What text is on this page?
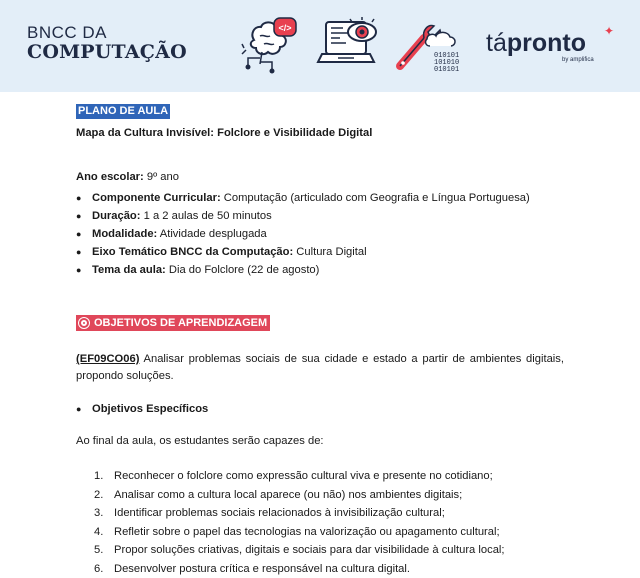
BNCC DA
COMPUTAÇÃO
</>
010101
101010
010101
tápronto
by amplifica
✦
PLANO DE AULA
Mapa da Cultura Invisível: Folclore e Visibilidade Digital
Ano escolar: 9º ano
● Componente Curricular: Computação (articulado com Geografia e Língua Portuguesa)
● Duração: 1 a 2 aulas de 50 minutos
● Modalidade: Atividade desplugada
● Eixo Temático BNCC da Computação: Cultura Digital
● Tema da aula: Dia do Folclore (22 de agosto)
OBJETIVOS DE APRENDIZAGEM
(EF09CO06) Analisar problemas sociais de sua cidade e estado a partir de ambientes digitais, propondo soluções.
● Objetivos Específicos
Ao final da aula, os estudantes serão capazes de:
1. Reconhecer o folclore como expressão cultural viva e presente no cotidiano;
2. Analisar como a cultura local aparece (ou não) nos ambientes digitais;
3. Identificar problemas sociais relacionados à invisibilização cultural;
4. Refletir sobre o papel das tecnologias na valorização ou apagamento cultural;
5. Propor soluções criativas, digitais e sociais para dar visibilidade à cultura local;
6. Desenvolver postura crítica e responsável na cultura digital.
